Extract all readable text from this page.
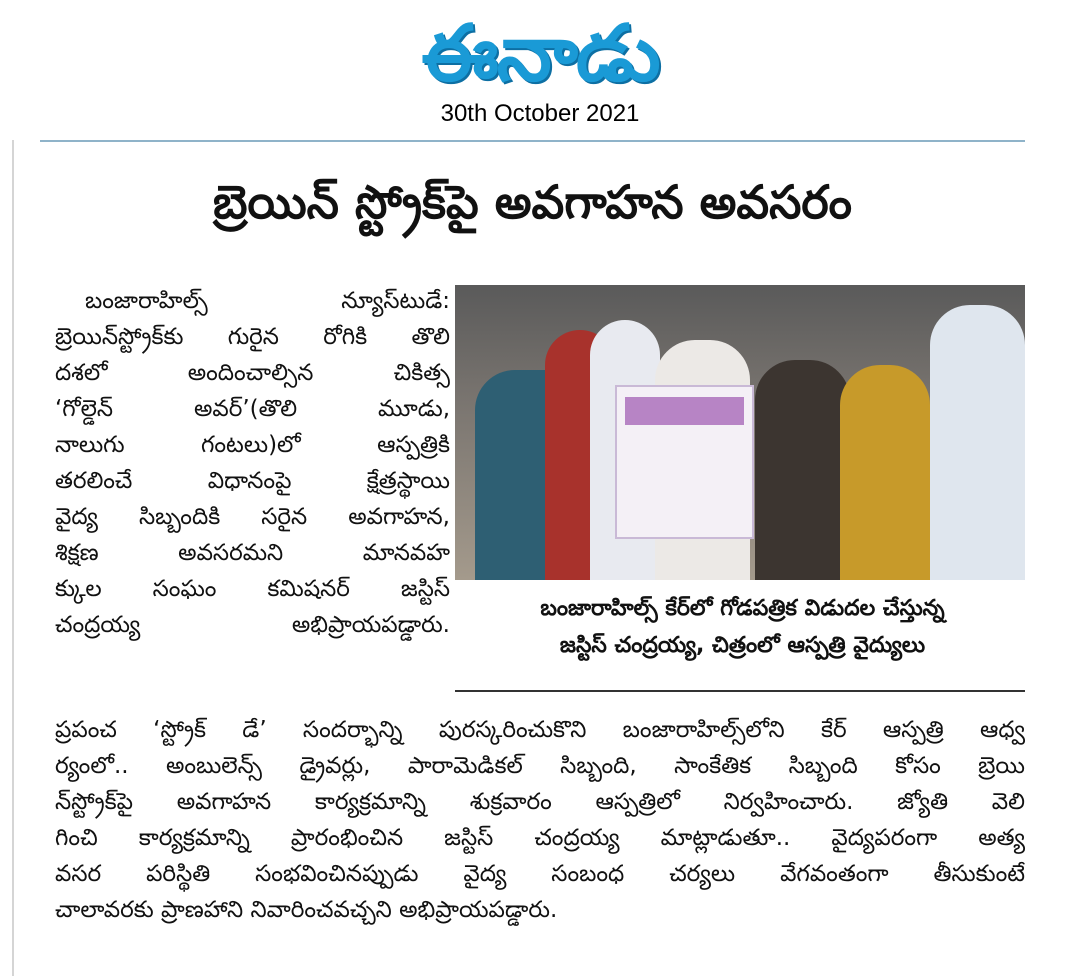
ఈనాడు
30th October 2021
బ్రెయిన్ స్ట్రోక్‌పై అవగాహన అవసరం
బంజారాహిల్స్ న్యూస్‌టుడే:
బ్రెయిన్‌స్ట్రోక్‌కు గురైన రోగికి తొలి
దశలో అందించాల్సిన చికిత్స
‘గోల్డెన్ అవర్’(తొలి మూడు,
నాలుగు గంటలు)లో ఆస్పత్రికి
తరలించే విధానంపై క్షేత్రస్థాయి
వైద్య సిబ్బందికి సరైన అవగాహన,
శిక్షణ అవసరమని మానవహ
క్కుల సంఘం కమిషనర్ జస్టిస్
చంద్రయ్య అభిప్రాయపడ్డారు.
బంజారాహిల్స్ కేర్‌లో గోడపత్రిక విడుదల చేస్తున్న
జస్టిస్ చంద్రయ్య, చిత్రంలో ఆస్పత్రి వైద్యులు
ప్రపంచ ‘స్ట్రోక్ డే’ సందర్భాన్ని పురస్కరించుకొని బంజారాహిల్స్‌లోని కేర్ ఆస్పత్రి ఆధ్వ
ర్యంలో.. అంబులెన్స్ డ్రైవర్లు, పారామెడికల్ సిబ్బంది, సాంకేతిక సిబ్బంది కోసం బ్రెయి
న్‌స్ట్రోక్‌పై అవగాహన కార్యక్రమాన్ని శుక్రవారం ఆస్పత్రిలో నిర్వహించారు. జ్యోతి వెలి
గించి కార్యక్రమాన్ని ప్రారంభించిన జస్టిస్ చంద్రయ్య మాట్లాడుతూ.. వైద్యపరంగా అత్య
వసర పరిస్థితి సంభవించినప్పుడు వైద్య సంబంధ చర్యలు వేగవంతంగా తీసుకుంటే
చాలావరకు ప్రాణహాని నివారించవచ్చని అభిప్రాయపడ్డారు.
